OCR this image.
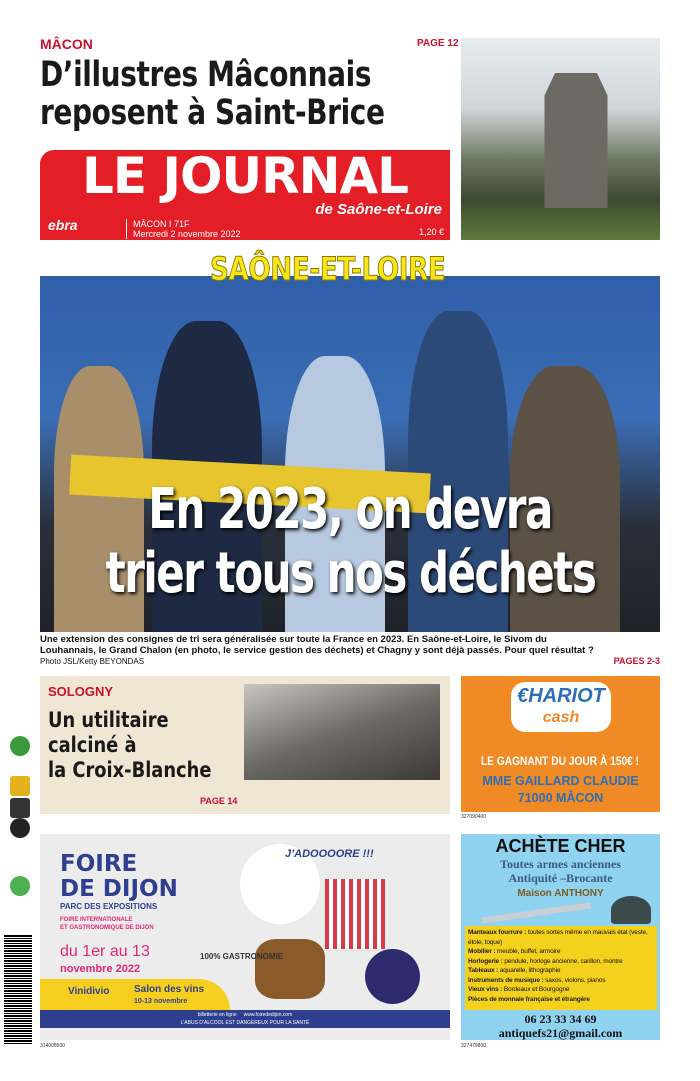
MÂCON	PAGE 12
D’illustres Mâconnais
reposent à Saint-Brice
LE JOURNAL
de Saône-et-Loire
ebra	MÂCON I 71F
Mercredi 2 novembre 2022	1,20 €
SAÔNE-ET-LOIRE
En 2023, on devra
trier tous nos déchets
Une extension des consignes de tri sera généralisée sur toute la France en 2023. En Saône-et-Loire, le Sivom du Louhannais, le Grand Chalon (en photo, le service gestion des déchets) et Chagny y sont déjà passés. Pour quel résultat ? Photo JSL/Ketty BEYONDAS	PAGES 2-3
SOLOGNY
Un utilitaire
calciné à
la Croix-Blanche
PAGE 14
€HARIOT
cash
LE GAGNANT DU JOUR À 150€ !
MME GAILLARD CLAUDIE
71000 MÂCON
327090400
FOIRE
DE DIJON
PARC DES EXPOSITIONS
FOIRE INTERNATIONALE
ET GASTRONOMIQUE DE DIJON
du 1er au 13
novembre 2022
J’ADOOOORE !!!
100% GASTRONOMIE
Vinidivio Salon des vins
10-13 novembre
billetterie en ligne www.foirededijon.com
L’ABUS D’ALCOOL EST DANGEREUX POUR LA SANTÉ
314008500
ACHÈTE CHER
Toutes armes anciennes
Antiquité –Brocante
Maison ANTHONY
Manteaux fourrure : toutes sortes même en mauvais état (veste, étole, toque)
Mobilier : meuble, buffet, armoire
Horlogerie : pendule, horloge ancienne, carillon, montre
Tableaux : aquarelle, lithographie
Instruments de musique : saxos, violons, pianos
Vieux vins : Bordeaux et Bourgogne
Pièces de monnaie française et étrangère
06 23 33 34 69
antiquefs21@gmail.com
327479800
